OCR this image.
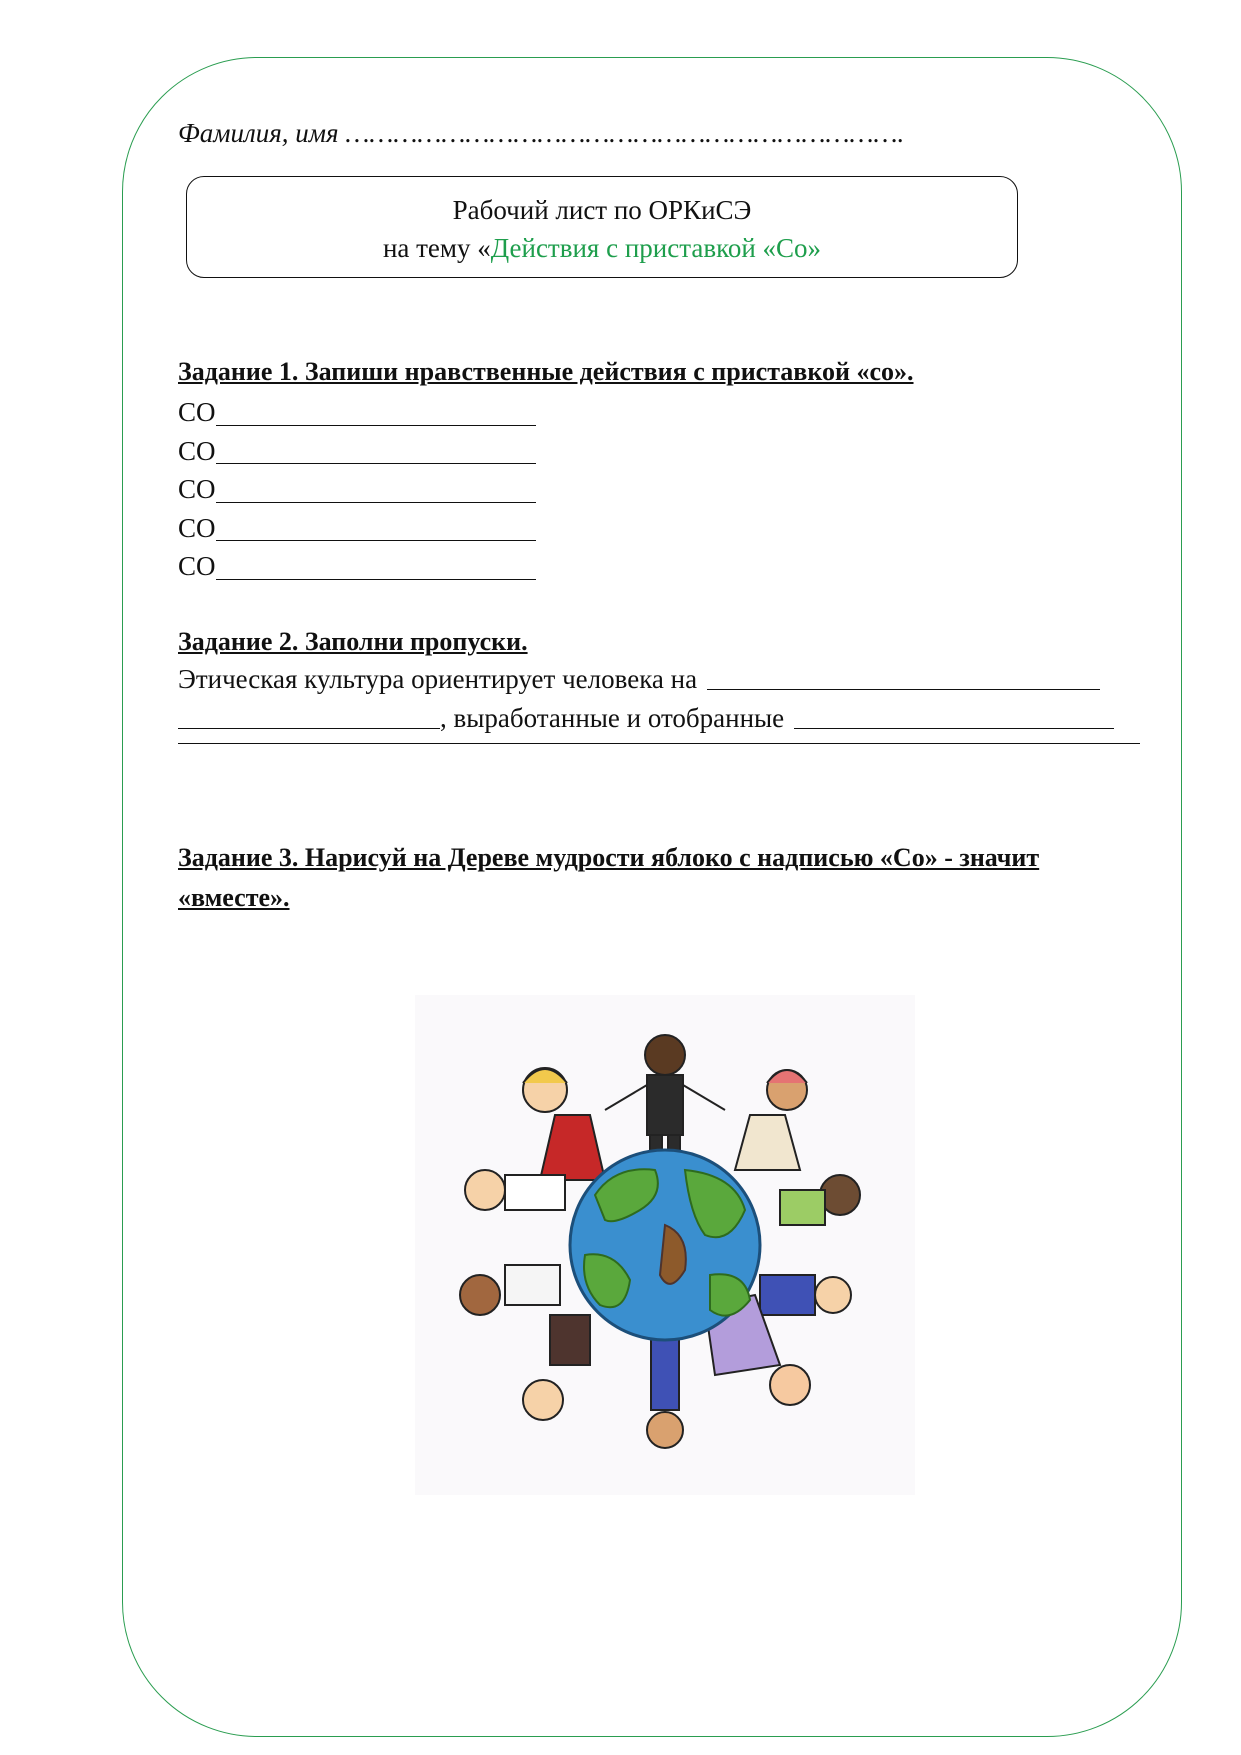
Фамилия, имя …………………………………………………………….
Рабочий лист по ОРКиСЭ
на тему «Действия с приставкой «Со»
Задание 1. Запиши нравственные действия с приставкой «со».
СО
СО
СО
СО
СО
Задание 2. Заполни пропуски.
Этическая культура ориентирует человека на
, выработанные и отобранные
Задание 3. Нарисуй на Дереве мудрости яблоко с надписью «Со» - значит «вместе».
